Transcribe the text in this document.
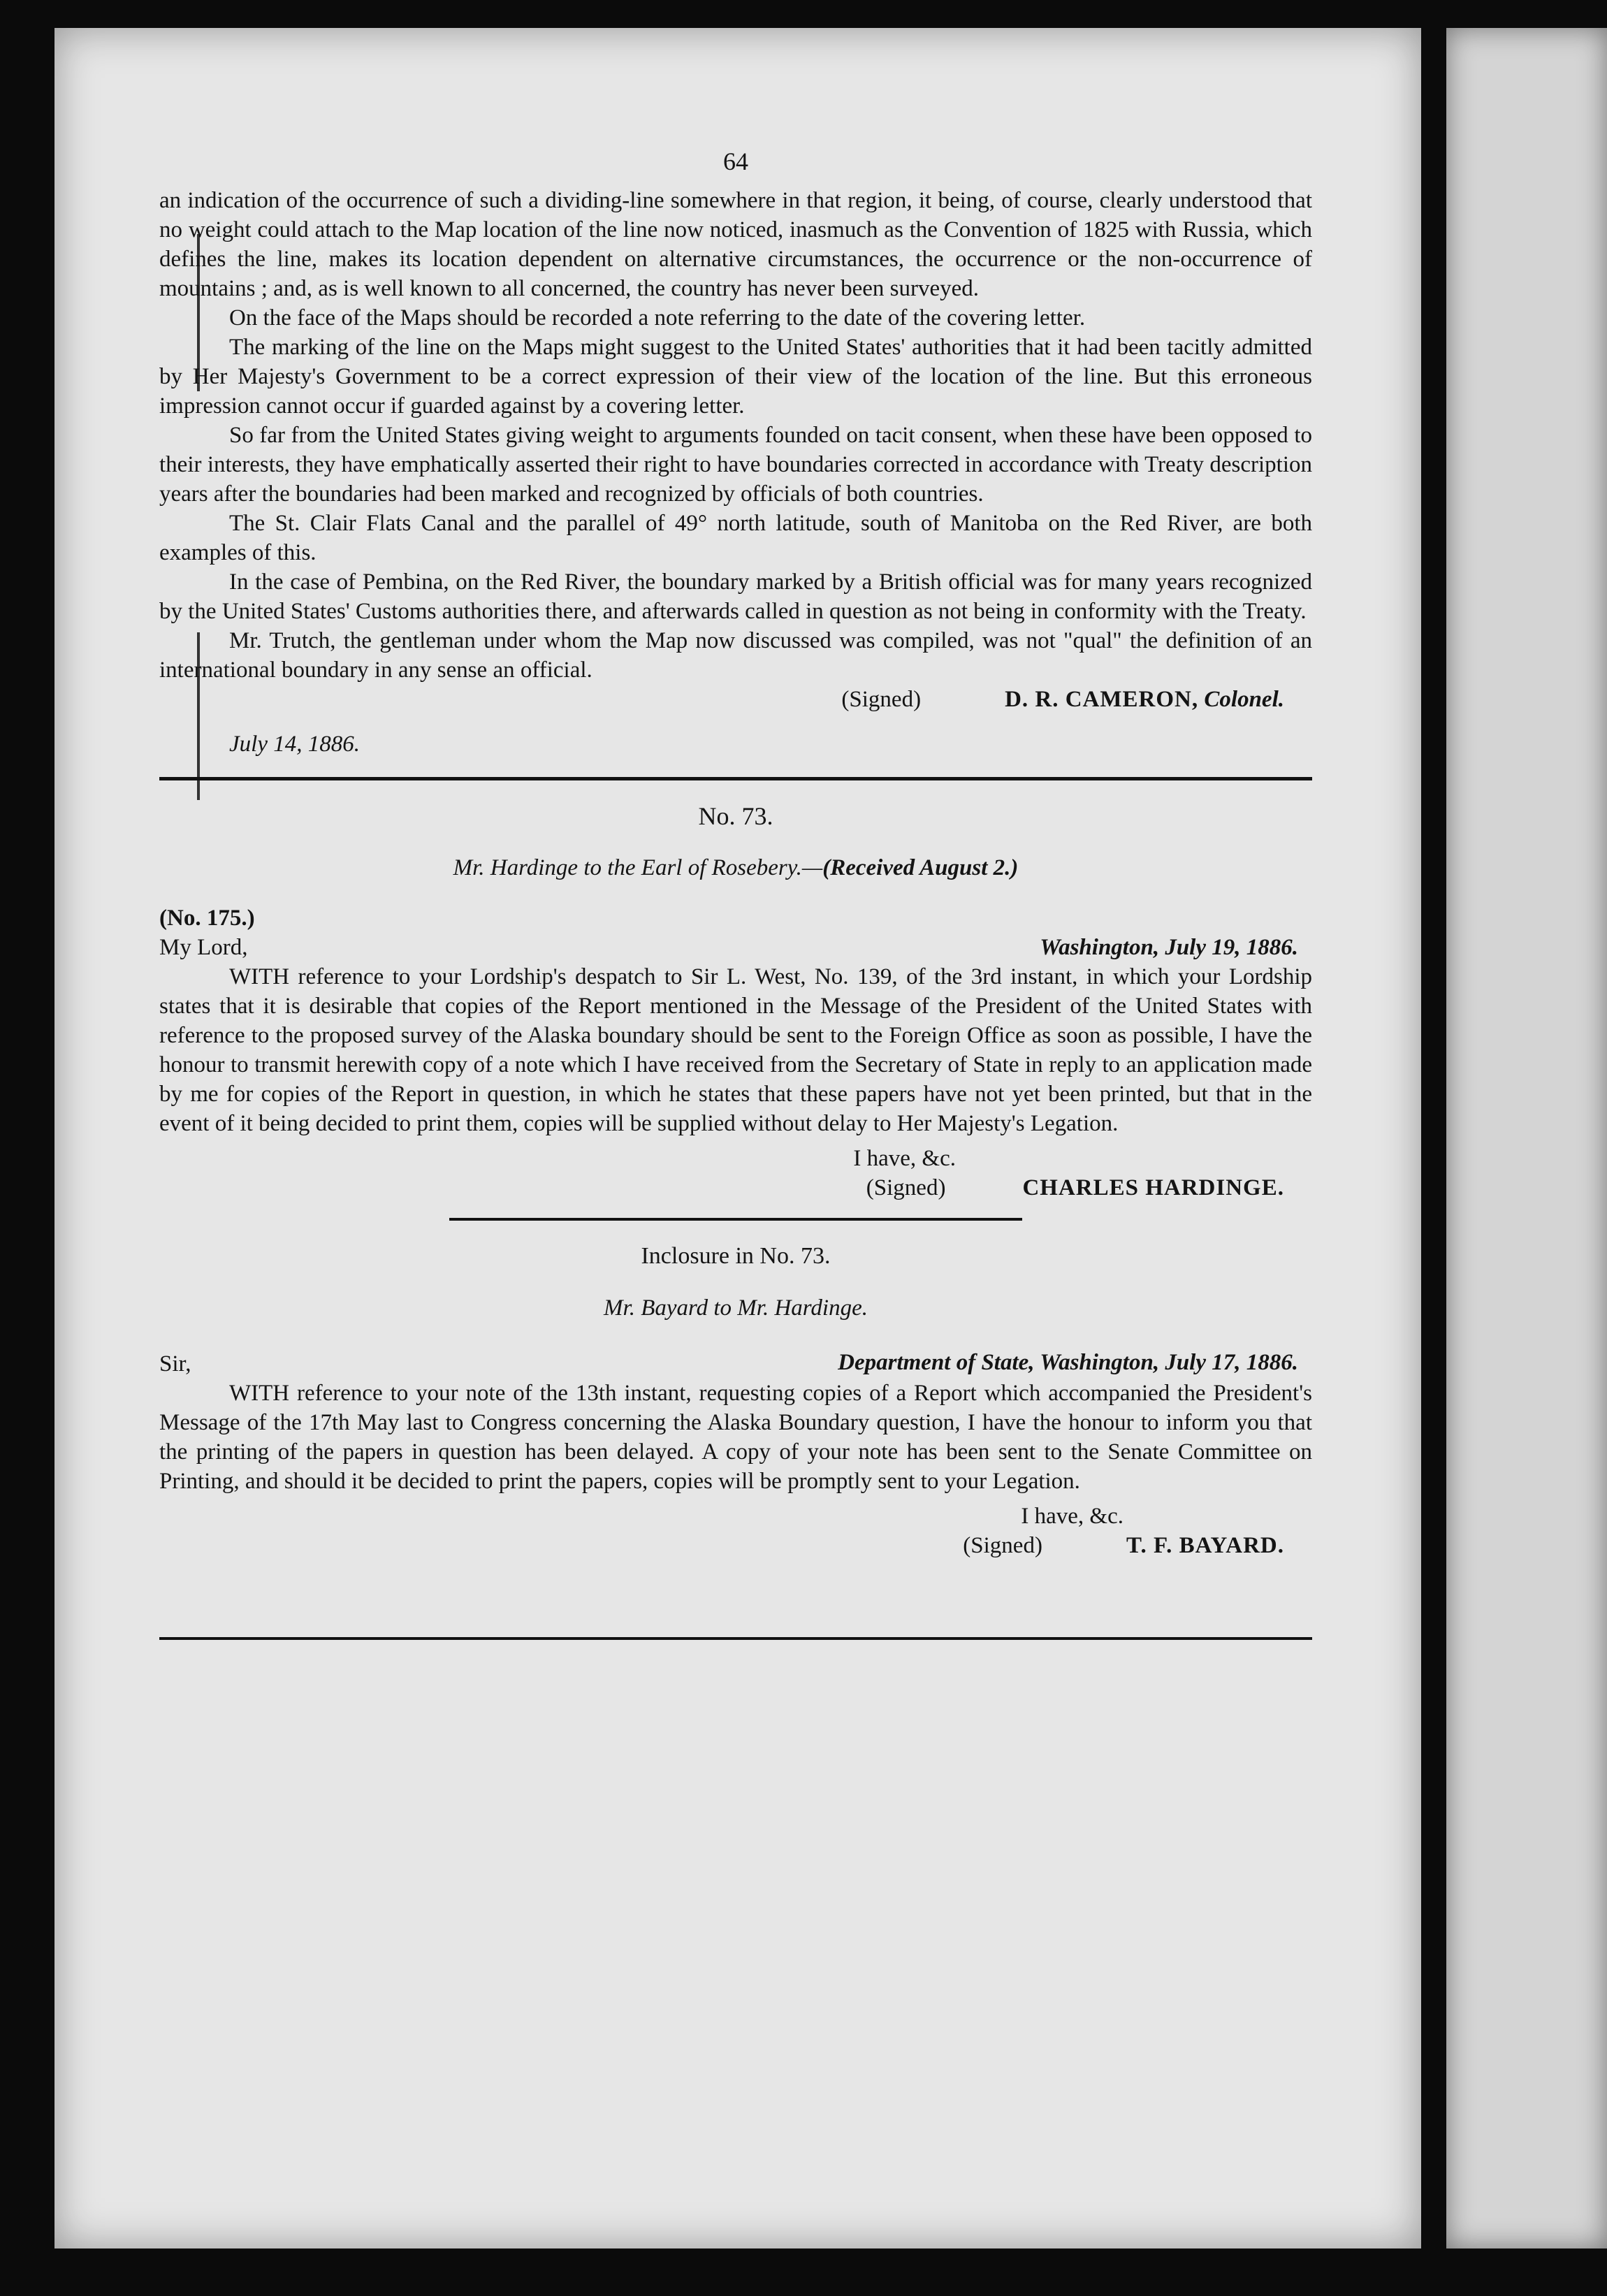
64

an indication of the occurrence of such a dividing-line somewhere in that region, it being, of course, clearly understood that no weight could attach to the Map location of the line now noticed, inasmuch as the Convention of 1825 with Russia, which defines the line, makes its location dependent on alternative circumstances, the occurrence or the non-occurrence of mountains ; and, as is well known to all concerned, the country has never been surveyed.

On the face of the Maps should be recorded a note referring to the date of the covering letter.

The marking of the line on the Maps might suggest to the United States' authorities that it had been tacitly admitted by Her Majesty's Government to be a correct expression of their view of the location of the line. But this erroneous impression cannot occur if guarded against by a covering letter.

So far from the United States giving weight to arguments founded on tacit consent, when these have been opposed to their interests, they have emphatically asserted their right to have boundaries corrected in accordance with Treaty description years after the boundaries had been marked and recognized by officials of both countries.

The St. Clair Flats Canal and the parallel of 49° north latitude, south of Manitoba on the Red River, are both examples of this.

In the case of Pembina, on the Red River, the boundary marked by a British official was for many years recognized by the United States' Customs authorities there, and afterwards called in question as not being in conformity with the Treaty.

Mr. Trutch, the gentleman under whom the Map now discussed was compiled, was not "qual" the definition of an international boundary in any sense an official.

(Signed)	D. R. CAMERON, Colonel.
July 14, 1886.
No. 73.
Mr. Hardinge to the Earl of Rosebery.—(Received August 2.)
(No. 175.)
My Lord,	Washington, July 19, 1886.

WITH reference to your Lordship's despatch to Sir L. West, No. 139, of the 3rd instant, in which your Lordship states that it is desirable that copies of the Report mentioned in the Message of the President of the United States with reference to the proposed survey of the Alaska boundary should be sent to the Foreign Office as soon as possible, I have the honour to transmit herewith copy of a note which I have received from the Secretary of State in reply to an application made by me for copies of the Report in question, in which he states that these papers have not yet been printed, but that in the event of it being decided to print them, copies will be supplied without delay to Her Majesty's Legation.

I have, &c.
(Signed)	CHARLES HARDINGE.
Inclosure in No. 73.
Mr. Bayard to Mr. Hardinge.
Department of State, Washington, July 17, 1886.
Sir,

WITH reference to your note of the 13th instant, requesting copies of a Report which accompanied the President's Message of the 17th May last to Congress concerning the Alaska Boundary question, I have the honour to inform you that the printing of the papers in question has been delayed. A copy of your note has been sent to the Senate Committee on Printing, and should it be decided to print the papers, copies will be promptly sent to your Legation.

I have, &c.
(Signed)	T. F. BAYARD.
